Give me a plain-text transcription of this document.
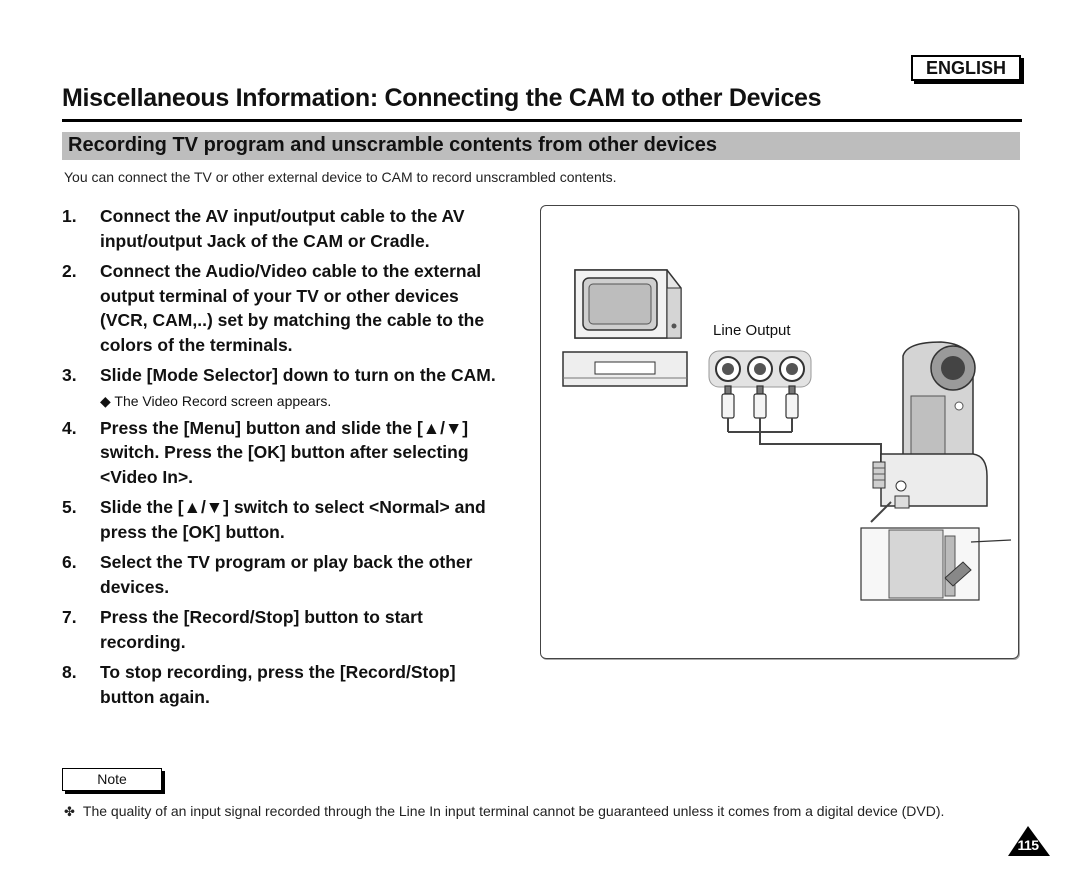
ENGLISH
Miscellaneous Information: Connecting the CAM to other Devices
Recording TV program and unscramble contents from other devices
You can connect the TV or other external device to CAM to record unscrambled contents.
1. Connect the AV input/output cable to the AV input/output Jack of the CAM or Cradle.
2. Connect the Audio/Video cable to the external output terminal of your TV or other devices (VCR, CAM,..) set by matching the cable to the colors of the terminals.
3. Slide [Mode Selector] down to turn on the CAM.
◆ The Video Record screen appears.
4. Press the [Menu] button and slide the [▲/▼] switch. Press the [OK] button after selecting <Video In>.
5. Slide the [▲/▼] switch to select <Normal> and press the [OK] button.
6. Select the TV program or play back the other devices.
7. Press the [Record/Stop] button to start recording.
8. To stop recording, press the [Record/Stop] button again.
Line Output
Note
✤ The quality of an input signal recorded through the Line In input terminal cannot be guaranteed unless it comes from a digital device (DVD).
115
